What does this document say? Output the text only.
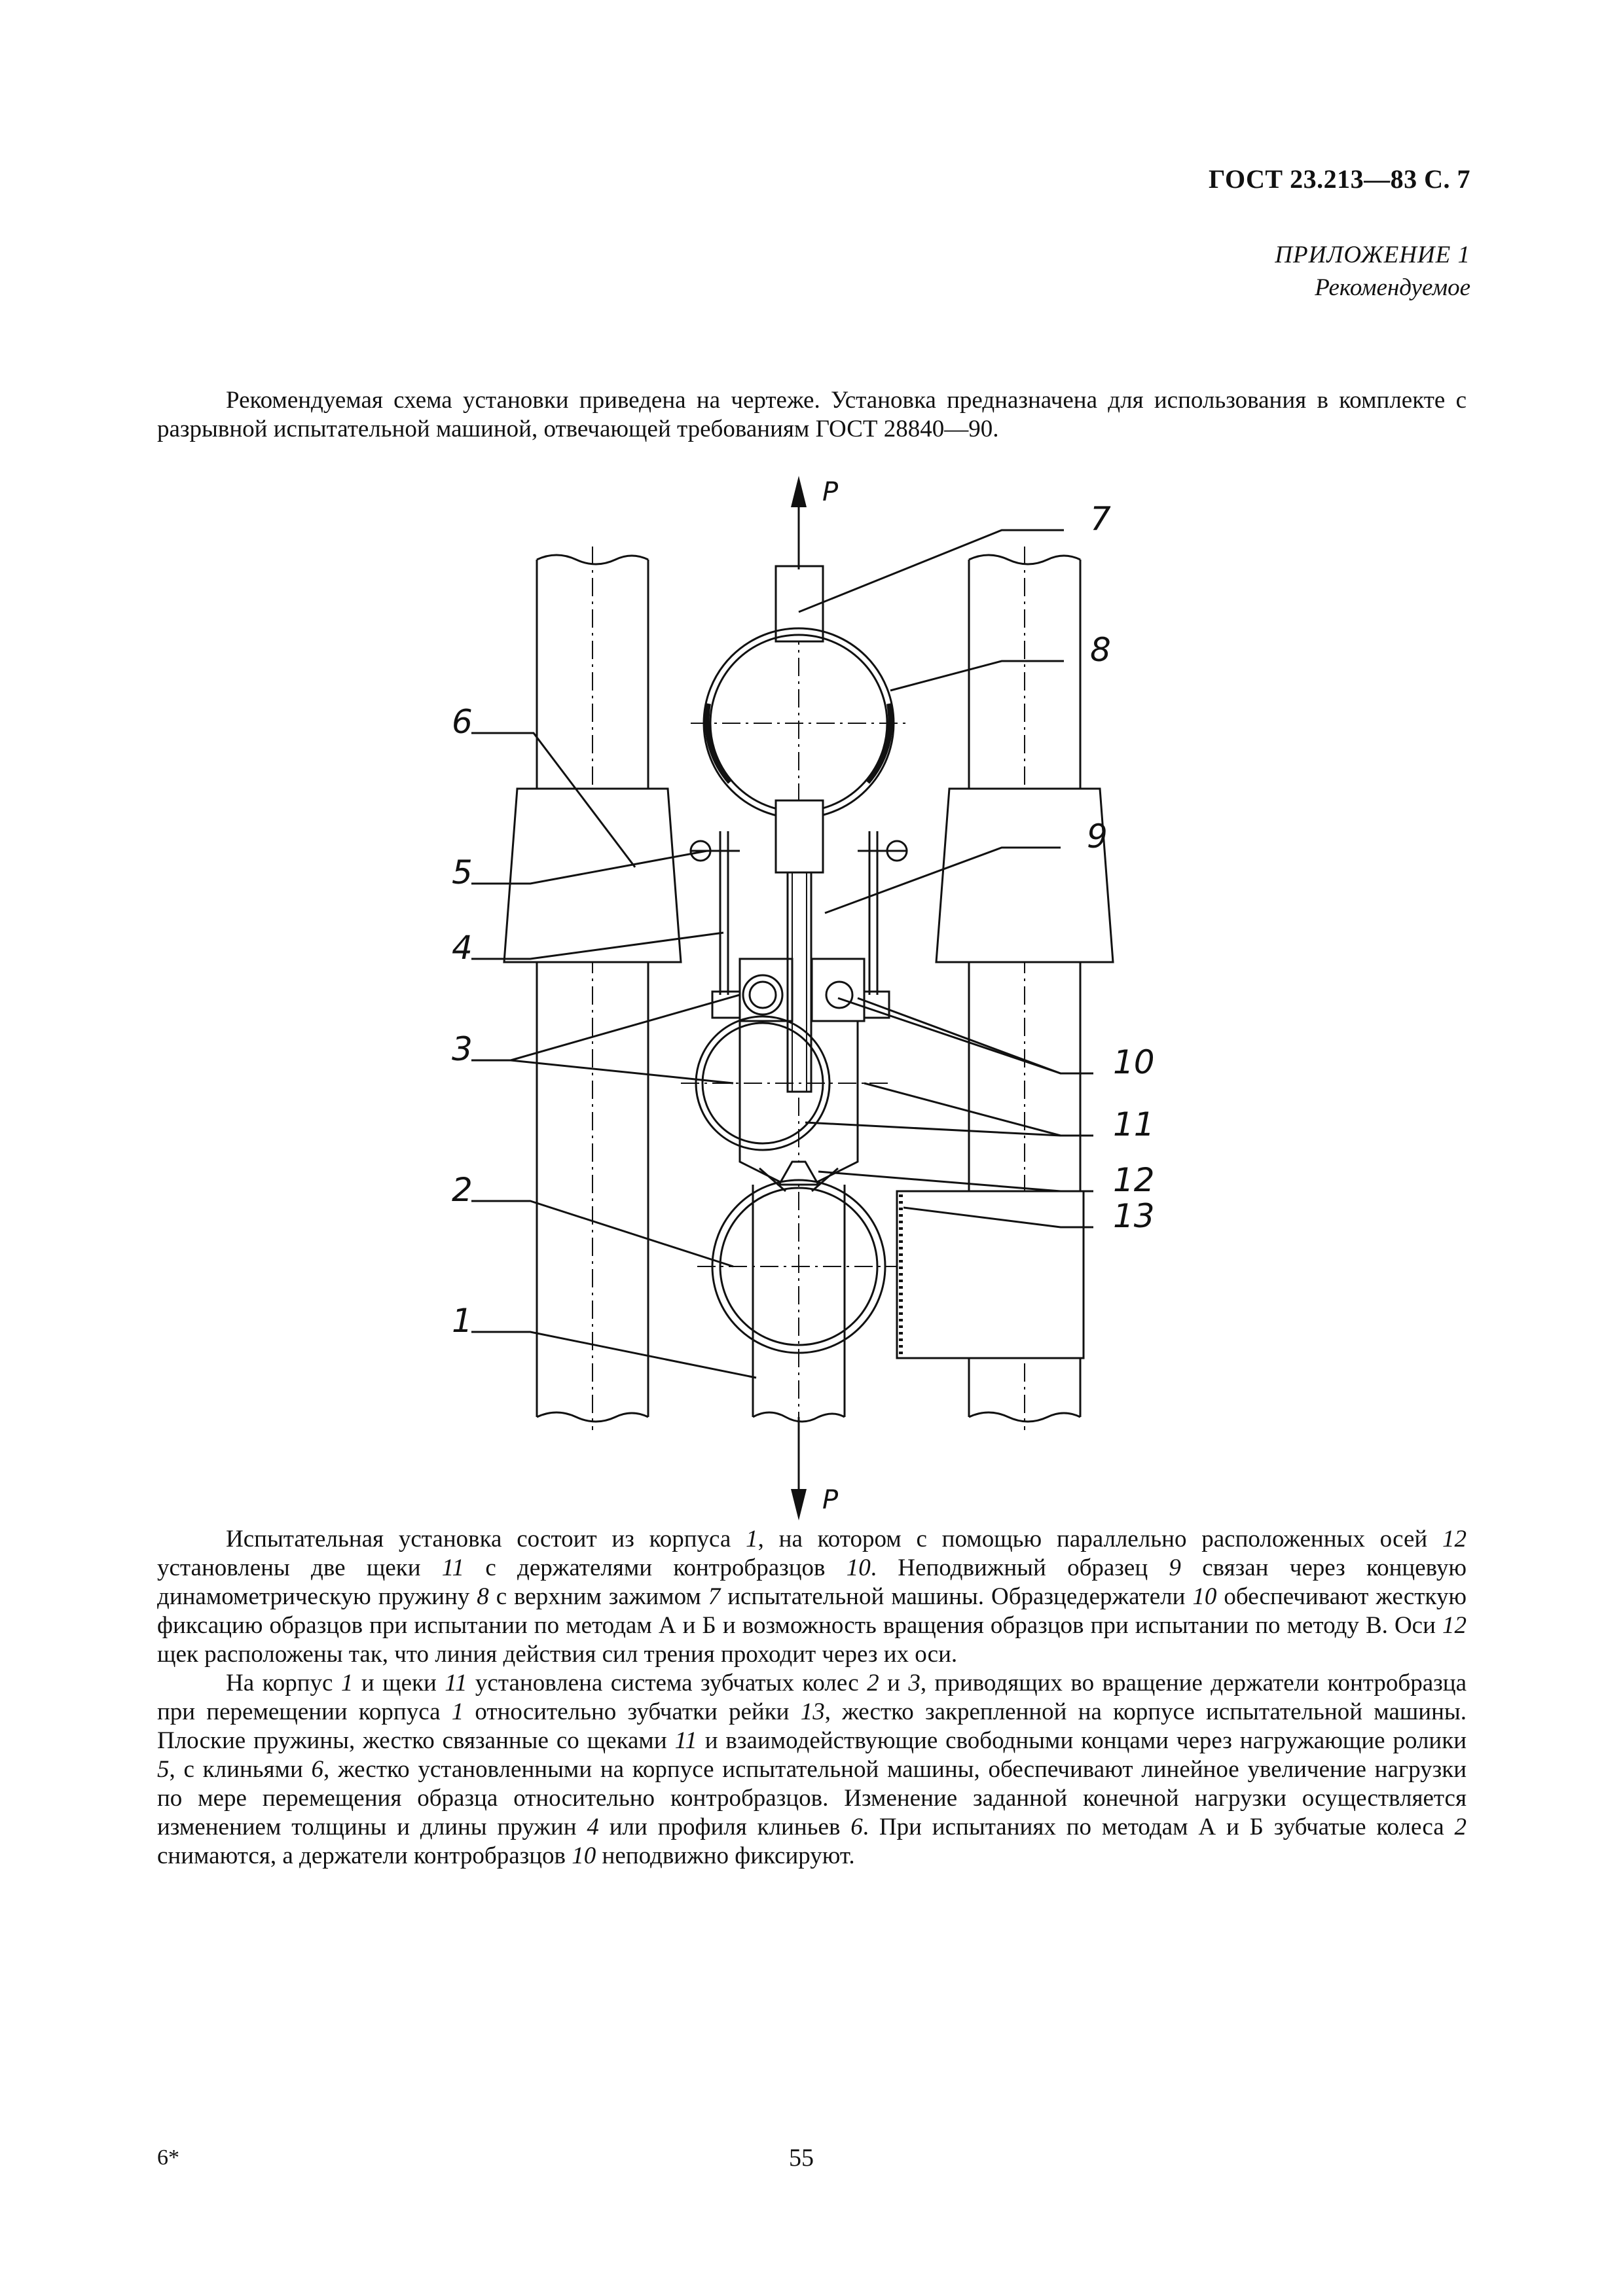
ГОСТ 23.213—83 С. 7
ПРИЛОЖЕНИЕ 1
Рекомендуемое

Рекомендуемая схема установки приведена на чертеже. Установка предназначена для использования в комплекте с разрывной испытательной машиной, отвечающей требованиям ГОСТ 28840—90.

P
P
7
8
6
9
5
4
3	10
11
12
13
2
1

Испытательная установка состоит из корпуса 1, на котором с помощью параллельно расположенных осей 12 установлены две щеки 11 с держателями контробразцов 10. Неподвижный образец 9 связан через концевую динамометрическую пружину 8 с верхним зажимом 7 испытательной машины. Образцедержатели 10 обеспечивают жесткую фиксацию образцов при испытании по методам А и Б и возможность вращения образцов при испытании по методу В. Оси 12 щек расположены так, что линия действия сил трения проходит через их оси.

На корпус 1 и щеки 11 установлена система зубчатых колес 2 и 3, приводящих во вращение держатели контробразца при перемещении корпуса 1 относительно зубчатки рейки 13, жестко закрепленной на корпусе испытательной машины. Плоские пружины, жестко связанные со щеками 11 и взаимодействующие свободными концами через нагружающие ролики 5, с клиньями 6, жестко установленными на корпусе испытательной машины, обеспечивают линейное увеличение нагрузки по мере перемещения образца относительно контробразцов. Изменение заданной конечной нагрузки осуществляется изменением толщины и длины пружин 4 или профиля клиньев 6. При испытаниях по методам А и Б зубчатые колеса 2 снимаются, а держатели контробразцов 10 неподвижно фиксируют.

6*	55
